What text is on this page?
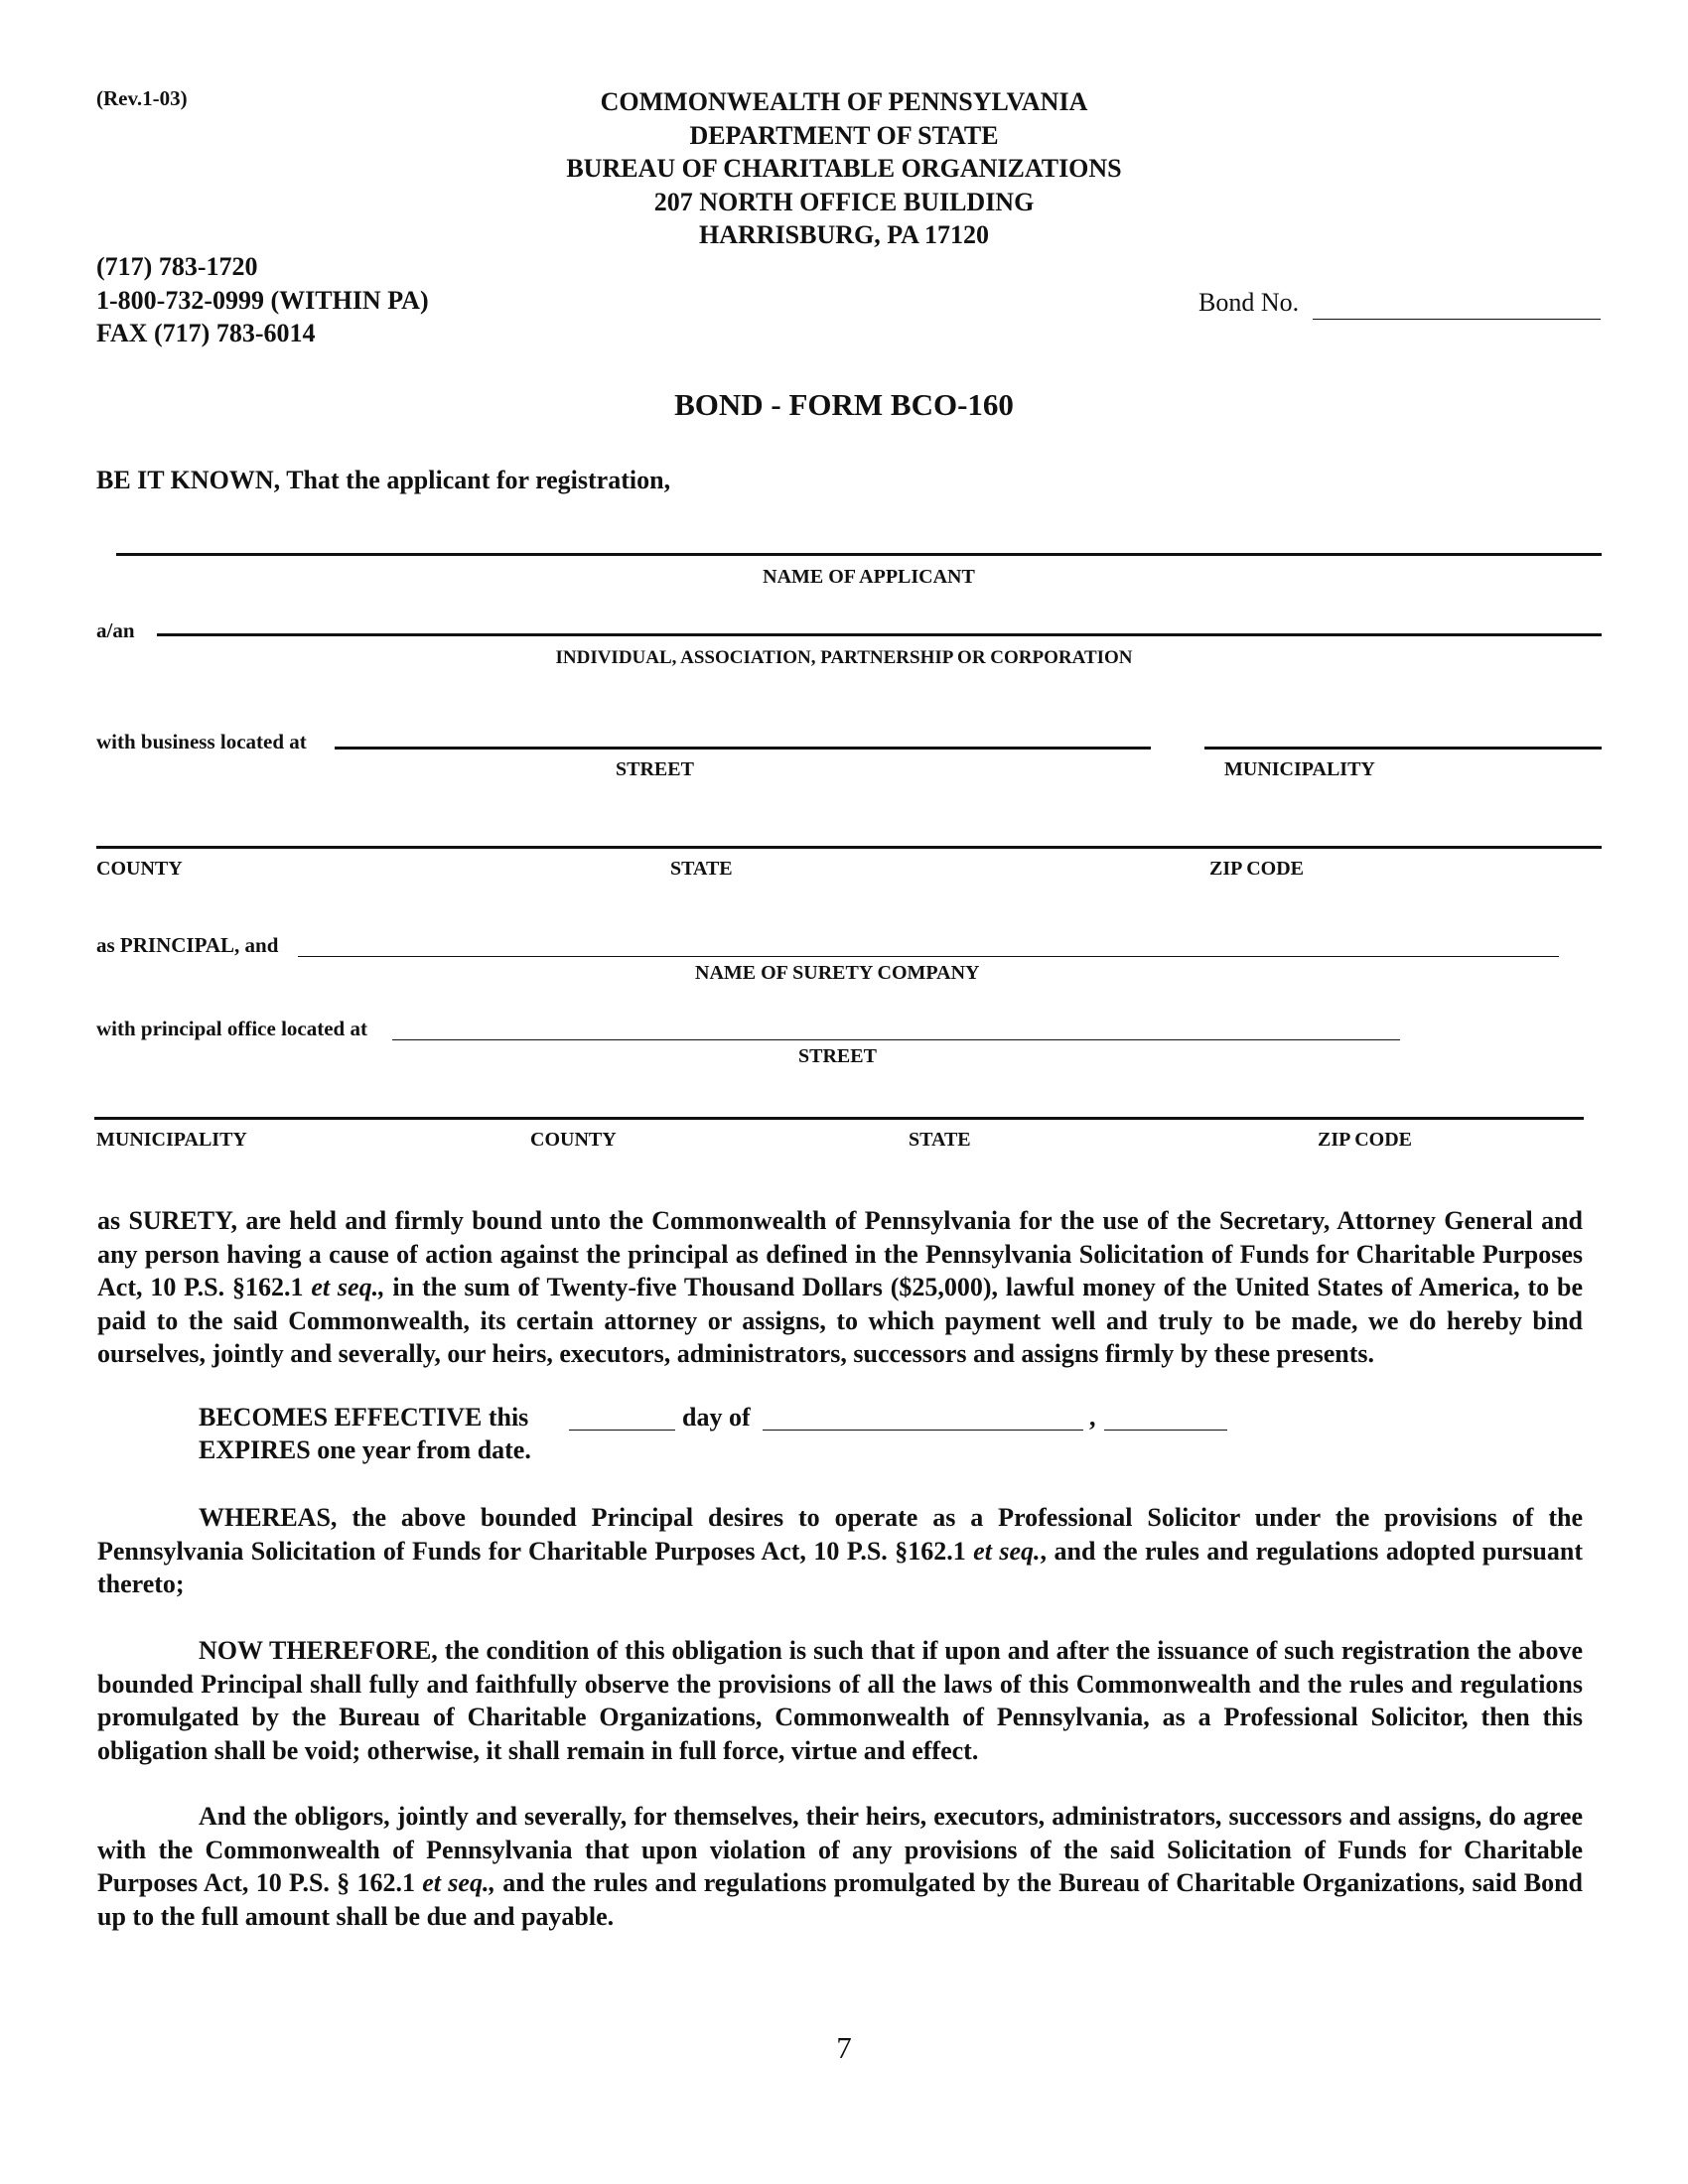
(Rev.1-03)	COMMONWEALTH OF PENNSYLVANIA
DEPARTMENT OF STATE
BUREAU OF CHARITABLE ORGANIZATIONS
207 NORTH OFFICE BUILDING
HARRISBURG, PA 17120
(717) 783-1720
1-800-732-0999 (WITHIN PA)
FAX (717) 783-6014
Bond No.
BOND - FORM BCO-160
BE IT KNOWN, That the applicant for registration,
NAME OF APPLICANT
a/an
INDIVIDUAL, ASSOCIATION, PARTNERSHIP OR CORPORATION
with business located at
STREET	MUNICIPALITY
COUNTY	STATE	ZIP CODE
as PRINCIPAL, and
NAME OF SURETY COMPANY
with principal office located at
STREET
MUNICIPALITY	COUNTY	STATE	ZIP CODE
as SURETY, are held and firmly bound unto the Commonwealth of Pennsylvania for the use of the Secretary, Attorney General and any person having a cause of action against the principal as defined in the Pennsylvania Solicitation of Funds for Charitable Purposes Act, 10 P.S. §162.1 et seq., in the sum of Twenty-five Thousand Dollars ($25,000), lawful money of the United States of America, to be paid to the said Commonwealth, its certain attorney or assigns, to which payment well and truly to be made, we do hereby bind ourselves, jointly and severally, our heirs, executors, administrators, successors and assigns firmly by these presents.
BECOMES EFFECTIVE this	day of	,
EXPIRES one year from date.
WHEREAS, the above bounded Principal desires to operate as a Professional Solicitor under the provisions of the Pennsylvania Solicitation of Funds for Charitable Purposes Act, 10 P.S. §162.1 et seq., and the rules and regulations adopted pursuant thereto;
NOW THEREFORE, the condition of this obligation is such that if upon and after the issuance of such registration the above bounded Principal shall fully and faithfully observe the provisions of all the laws of this Commonwealth and the rules and regulations promulgated by the Bureau of Charitable Organizations, Commonwealth of Pennsylvania, as a Professional Solicitor, then this obligation shall be void; otherwise, it shall remain in full force, virtue and effect.
And the obligors, jointly and severally, for themselves, their heirs, executors, administrators, successors and assigns, do agree with the Commonwealth of Pennsylvania that upon violation of any provisions of the said Solicitation of Funds for Charitable Purposes Act, 10 P.S. § 162.1 et seq., and the rules and regulations promulgated by the Bureau of Charitable Organizations, said Bond up to the full amount shall be due and payable.
7
